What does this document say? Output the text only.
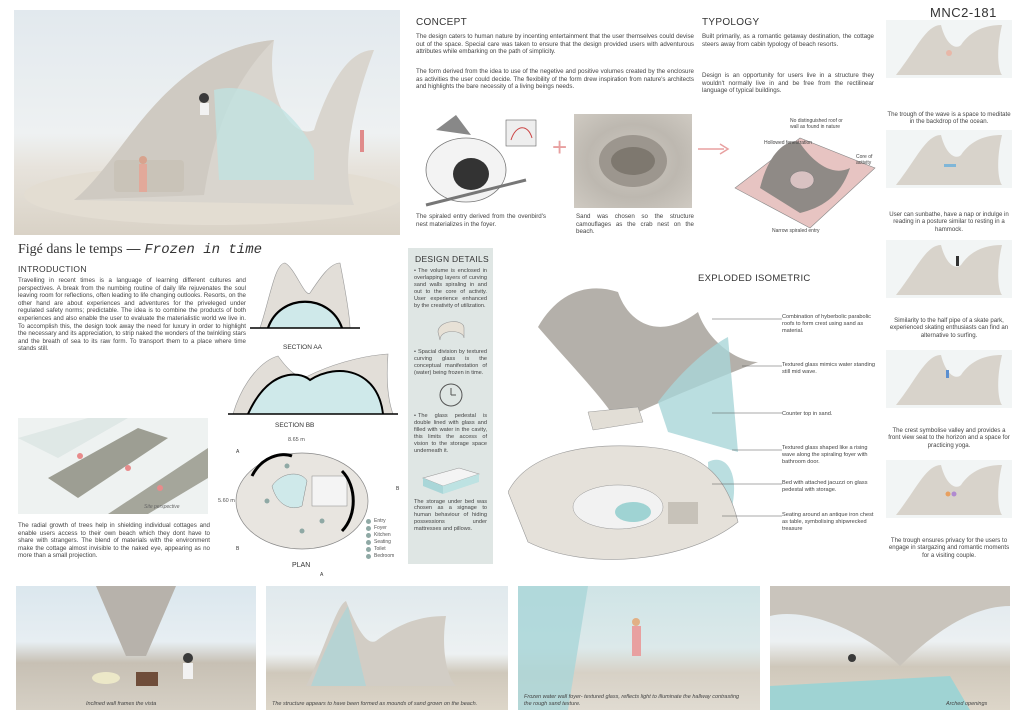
MNC2-181
Figé dans le temps — Frozen in time
INTRODUCTION
Travelling in recent times is a language of learning different cultures and perspectives. A break from the numbing routine of daily life rejuvenates the soul leaving room for reflections, often leading to life changing outlooks. Resorts, on the other hand are about experiences and adventures for the priveleged under regulated safety norms; predictable. The idea is to combine the products of both experiences and also enable the user to evaluate the materialistic world we live in. To accomplish this, the design took away the need for luxury in order to highlight the necessary and its appreciation, to strip naked the wonders of the twinkling stars and the breath of sea to its raw form. To transport them to a place where time stands still.
Site perspective
The radial growth of trees help in shielding individual cottages and enable users access to their own beach which they dont have to share with strangers. The blend of materials with the environment make the cottage almost invisible to the naked eye, appearing as no more than a small projection.
SECTION AA
SECTION BB
8.65 m
5.60 m
A
B
B
A
Entry
Foyer
Kitchen
Seating
Toilet
Bedroom
PLAN
CONCEPT
The design caters to human nature by incenting entertainment that the user themselves could devise out of the space. Special care was taken to ensure that the design provided users with adventurous attributes while embarking on the path of simplicity.
The form derived from the idea to use of the negetive and positive volumes created by the enclosure as activities the user could decide. The flexibility of the form drew inspiration from nature's architects and highlights the bare necessity of a living beings needs.
The spiraled entry derived from the ovenbird's nest materializes in the foyer.
+
Sand was chosen so the structure camouflages as the crab nest on the beach.
TYPOLOGY
Built primarily, as a romantic getaway destination, the cottage steers away from cabin typology of beach resorts.
Design is an opportunity for users live in a structure they wouldn't normally live in and be free from the rectilinear language of typical buildings.
No distinguished roof or wall as found in nature
Hollowed fenestration
Core of activity
Narrow spiraled entry
DESIGN DETAILS
• The volume is enclosed in overlapping layers of curving sand walls spiraling in and out to the core of activity. User experience enhanced by the creativity of utilization.
• Spacial division by textured curving glass is the conceptual manifestation of (water) being frozen in time.
• The glass pedestal is double lined with glass and filled with water in the cavity, this limits the access of vision to the storage space underneath it.
The storage under bed was chosen as a signage to human behaviour of hiding possessions under mattresses and pillows.
EXPLODED ISOMETRIC
Combination of hyberbolic parabolic roofs to form crest using sand as material.
Textured glass mimics water standing still mid wave.
Counter top in sand.
Textured glass shaped like a rising wave along the spiraling foyer with bathroom door.
Bed with attached jacuzzi on glass pedestal with storage.
Seating around an antique iron chest as table, symbolising shipwrecked treasure
The trough of the wave is a space to meditate in the backdrop of the ocean.
User can sunbathe, have a nap or indulge in reading in a posture similar to resting in a hammock.
Similarity to the half pipe of a skate park, experienced skating enthusiasts can find an alternative to surfing.
The crest symbolise valley and provides a front view seat to the horizon and a space for practicing yoga.
The trough ensures privacy for the users to engage in stargazing and romantic moments for a visiting couple.
Inclined wall frames the vista	The structure appears to have been formed as mounds of sand grown on the beach.
Frozen water wall foyer- textured glass, reflects light to illuminate the hallway contrasting the rough sand texture.	Arched openings
